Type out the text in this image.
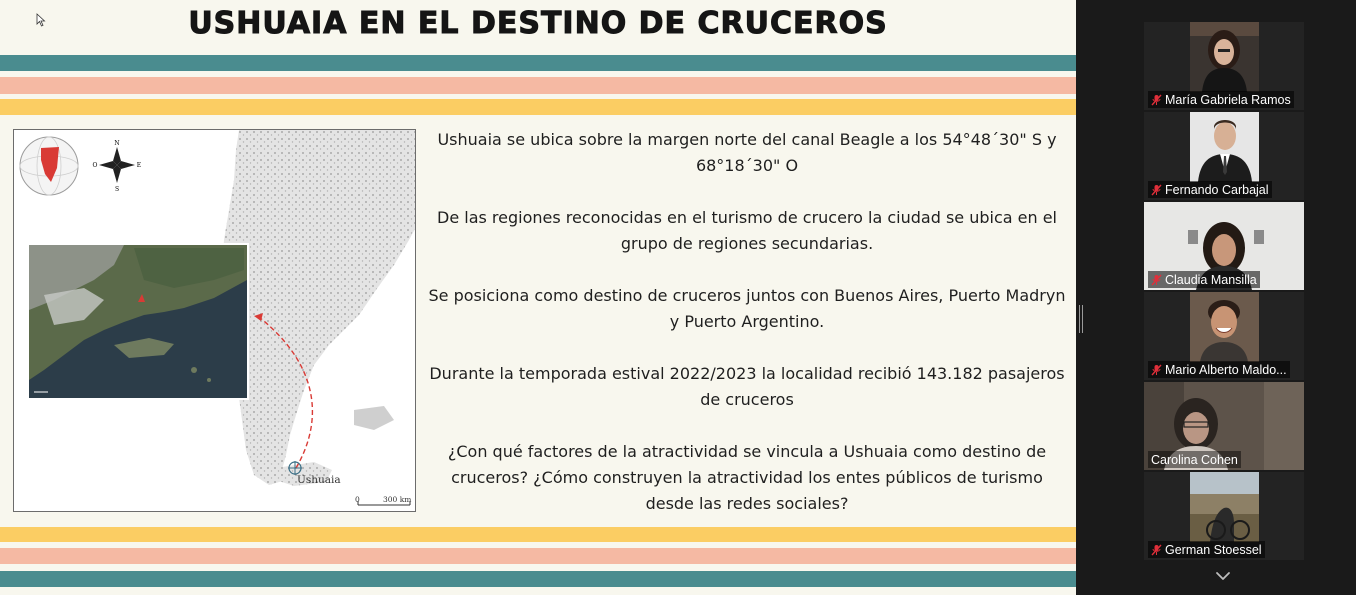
USHUAIA EN EL DESTINO DE CRUCEROS
N
S
E
O
Ushuaia
0	300 km

Ushuaia se ubica sobre la margen norte del canal Beagle a los 54°48´30" S y 68°18´30" O

De las regiones reconocidas en el turismo de crucero la ciudad se ubica en el grupo de regiones secundarias.

Se posiciona como destino de cruceros juntos con Buenos Aires, Puerto Madryn y Puerto Argentino.

Durante la temporada estival 2022/2023 la localidad recibió 143.182 pasajeros de cruceros

¿Con qué factores de la atractividad se vincula a Ushuaia como destino de cruceros? ¿Cómo construyen la atractividad los entes públicos de turismo desde las redes sociales?

María Gabriela Ramos
Fernando Carbajal
Claudia Mansilla
Mario Alberto Maldo...
Carolina Cohen
German Stoessel
